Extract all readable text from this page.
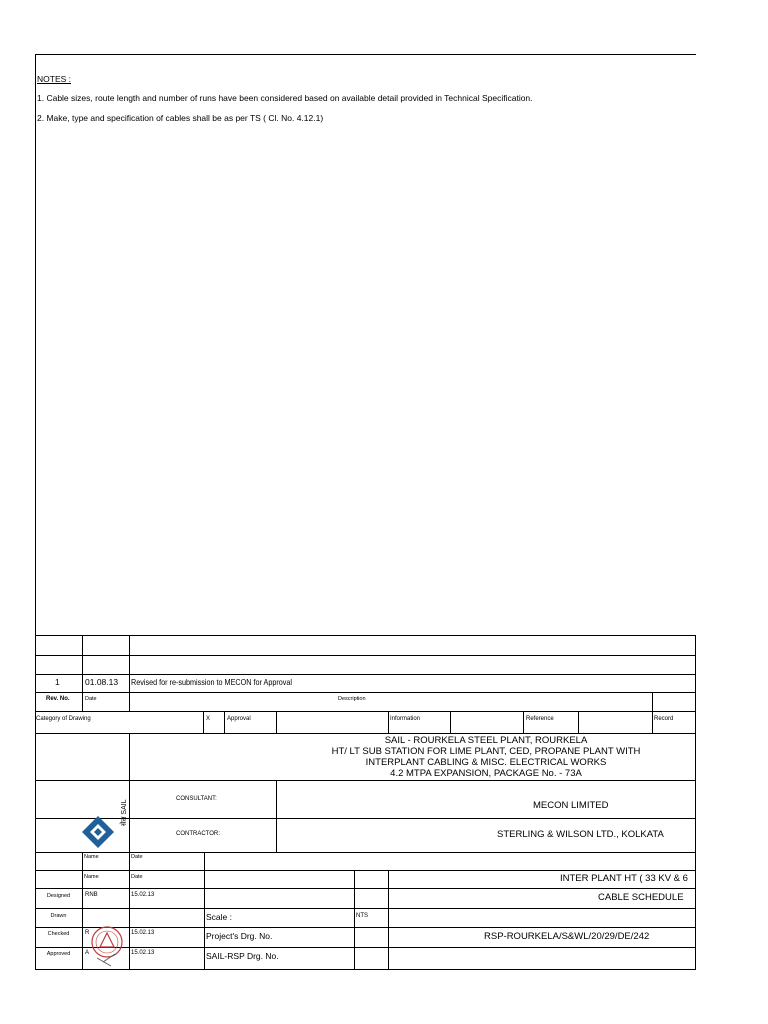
NOTES :
1. Cable sizes, route length and number of runs have been considered based on available detail provided in Technical Specification.
2. Make, type and specification of cables shall be as per TS ( Cl. No. 4.12.1)
1	01.08.13 Revised for re-submission to MECON for Approval
Rev. No.	Date	Description
Category of Drawing	X	Approval	Information	Reference	Record
SAIL - ROURKELA STEEL PLANT, ROURKELA
HT/ LT SUB STATION FOR LIME PLANT, CED, PROPANE PLANT WITH
INTERPLANT CABLING & MISC. ELECTRICAL WORKS
4.2 MTPA EXPANSION, PACKAGE No. - 73A
CONSULTANT:
MECON LIMITED
CONTRACTOR:	STERLING & WILSON LTD., KOLKATA
सेल SAIL
Name	Date
Name	Date
Designed	RNB	15.02.13
Drawn
Checked	R	15.02.13
Approved	A	15.02.13
INTER PLANT HT ( 33 KV & 6
CABLE SCHEDULE
Scale :	NTS
Project's Drg. No.	RSP-ROURKELA/S&WL/20/29/DE/242
SAIL-RSP Drg. No.
